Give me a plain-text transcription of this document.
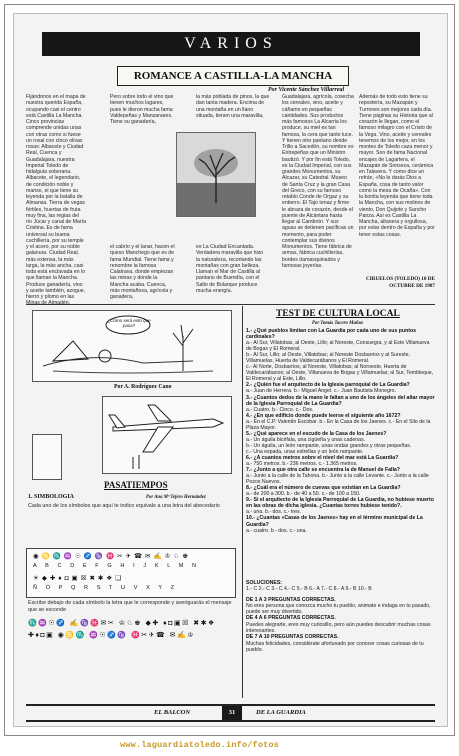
VARIOS
ROMANCE A CASTILLA-LA MANCHA
Por Vicente Sánchez Villarreal
Fijándonos en el mapa de nuestra querida España, ocupando casi el centro está Castilla La Mancha. Cinco provincias comprende unidas unas con otras como si fuese un rosal con cinco olivas rosas: Albacete y Ciudad Real, Cuenca y Guadalajara, nuestra Imperial Toledo de hidalguía soberana. Albacete, el legendario, de condición noble y manso, el que tiene su leyenda por la batalla de Almansa. Tierra de vegas fértiles, huertas de fruta muy fina, las regias del río Júcar y canal de María Cristina. Es de fama universal su buena cuchillería, por su temple y el acero, por su noble galanura. Ciudad Real, más extensa, la más larga, la más ancha, casi toda está enclavada en lo que llaman la Mancha. Produce ganadería, vino y aceite también, azogue, hierro y plomo en las
Pero sobre todo el vino que tienen muchos lugares, pues le dieron mucha fama Valdepeñas y Manzanares. Tiene su ganadería,
el cabrío y el lanar, hacen el queso Manchego que es de fama Mundial. Tiene fama y renombre la famosa Calatrava, donde empiezan las minas y donde la Mancha acaba. Cuenca, más montañosa, agrícola y ganadera,
la más poblada de pinos, la que dan tanta madera. Encima de una montaña en un llano situada, tienen una maravilla,
es La Ciudad Encantada. Verdadera maravilla que hizo la naturaleza, recortando las montañas con gran belleza. Llaman el Mar de Castilla al pantano de Buendía, con el Salto de Bolarque produce mucha energía.
Guadalajara, agrícola, cosecha los cereales, vino, aceite y cáñamo en pequeñas cantidades. Sus productos más famosos La Alcarria los produce, su miel es tan famosa, la cera que tanto luce. Y tienen otro pantano desde Trillo a Sacedón, su nombre es Entrepeñas que un Ministro bautizó. Y por fin está Toledo, es la Ciudad Imperial, con sus grandes Monumentos, su Alcazar, su Catedral. Museo de Santa Cruz y la gran Casa del Greco, con su famoso retablo Conde de Orgaz y su entierro. El Tajo tenaz y firme le abraza de corazón, desde el puente de Alcántara hasta llegar al Cambrón. Y sus aguas se detienen pacíficas un momento, para poder contemplar sus divinos Monumentos. Tiene fábrica de armas, fábrica cuchillerías, bordes damasquinados y famosas joyerías.
Además de todo esto tiene su repostería, su Mazapán y Turrones son mejores cada día. Tiene páginas su Historia que al corazón le llegan, como el famoso milagro con el Cristo de la Vega. Vino, aceite y cereales tenemos de los mejor, en los montes de Toledo caza menor y mayor. Son de fama Nacional encajes de Lagartera, el Mazapán de Sonseca, cerámica en Talavera. Y como dice un refrán, «No le darás Dios a España, cosa de tanto valor como la mesa de Ocaña». Con la bonita leyenda que tiene toda la Mancha, con sus molinos de viento, Don Quijote y Sancho Panza. Así es Castilla La Mancha, altanera y orgullosa, por estar dentro de España y por tener estas cosas.
CIRUELOS (TOLEDO) 10 DE OCTUBRE DE 1987
¿Cómo será esto que pasa?
Por A. Rodríguez Cano
PASATIEMPOS
1. SIMBOLOGIA	Por Ana Mª Tejero Hernández
Cada uno de los símbolos que aquí te indico equivale a una letra del abecedario
◉♋♏♒☉♐♑♓✂✈☎✉✍♔♘♚
A B C D E F G H I J K L M N
☀◆✚♦◘▣☒✖✱❖❑
Ñ O P Q R S T U V X Y Z
Escribe debajo de cada símbolo la letra que le corresponde y averiguarás el mensaje que se escondе
♏♒☉♐ ✍♑♓✉✂ ♔♘♚ ◆✚ ♦◘▣☒ ✖✱❖ ✚♦◘▣ ◉♋♏ ♒☉♐♑ ♓✂✈☎ ✉✍♔
TEST DE CULTURA LOCAL
Por Tomás Tacero Muñoz

1.- ¿Qué pueblos limitan con La Guardia por cada uno de sus puntos cardinales?

a.- Al Sur, Villatobas, al Oeste, Lillo; al Noreste, Consuegra, y al Este Villanueva de Bogas y El Romeral.

b.- Al Sur, Lillo; al Oeste, Villatobas; al Noreste Dosbarrios y al Sureste, Villamuelas, Huerta de Valdecarábanos y El Romeral.

c.- Al Norte, Dosbarrios; al Noreste, Villatobas; al Noroeste, Huerta de Valdecarábanos; al Oeste, Villanueva de Bogas y Villamuelas; al Sur, Tembleque, El Romeral y al Este, Lillo.

2.- ¿Quién fue el arquitecto de la Iglesia parroquial de La Guardia?

a.- Juan de Herrera. b.- Miguel Angel. c.- Juan Bautista Monegro.

3.- ¿Cuantos dedos de la mano le faltan a uno de los ángeles del altar mayor de la Iglesia Parroquial de La Guardia?

a.- Cuatro. b.- Cinco. c.- Dos.

4.- ¿En que edificio donde puede leerse el siguiente año 1672?

a.- En el C.P. Valentín Escobar. b.- En la Casa de los Jaenes. c.- En el Silo de la Plaza Mayor.

5.- ¿Qué aparece en el escudo de la Casa de los Jaenes?

a.- Un águila bicéfala, una cigüeña y unas cadenas.

b.- Un águila, un león rampante, unas ondas grandes y otras pequeñas.

c.- Una espada, unas estrellas y un león rampante.

6.- ¿A cuantos metros sobre el nivel del mar está La Guardia?

a.- 750 metros. b.- 236 metros. c.- 1.365 metros.

7.- ¿Junto a que otra calle se encuentra la de Manuel de Falla?

a.- Junto a la calle de la Tahona. b.- Junto a la calle Levante. c.- Junto a la calle Pozos Nuevos.

8.- ¿Cuál era el número de cuevas que existían en La Guardia?

a.- de 200 a 300. b.- de 40 a 50. c.- de 100 a 150.

9.- Si el arquitecto de la Iglesia Parroquial de La Guardia, no hubiese muerto en las obras de dicha iglesia. ¿Cuantas torres hubiese tenido?.

a.- una. b.- dos. c.- tres.

10.- ¿Cuantas «Casas de los Jaenes» hay en el término municipal de La Guardia?

a.- cuatro. b.- dos. c.- una.

SOLUCIONES:

1.- C 2.- C 3.- C 4.- C 5.- B 6.- A 7.- C 8.- A 9.- B 10.- B

DE 1 A 3 PREGUNTAS CORRECTAS.

No eres persona que conozca mucho tu pueblo, animate e indaga en tu pasado, puede ser muy divertido.

DE 4 A 6 PREGUNTAS CORRECTAS.

Puedes alegrarte, eres muy curiosillo, pero aún puedes descubrir muchas cosas interesantes.

DE 7 A 10 PREGUNTAS CORRECTAS.

Muchas felicidades, considérate afortunado por conocer cosas curiosas de tu pueblo.

EL BALCON	31	DE LA GUARDIA
www.laguardiatoledo.info/fotos
